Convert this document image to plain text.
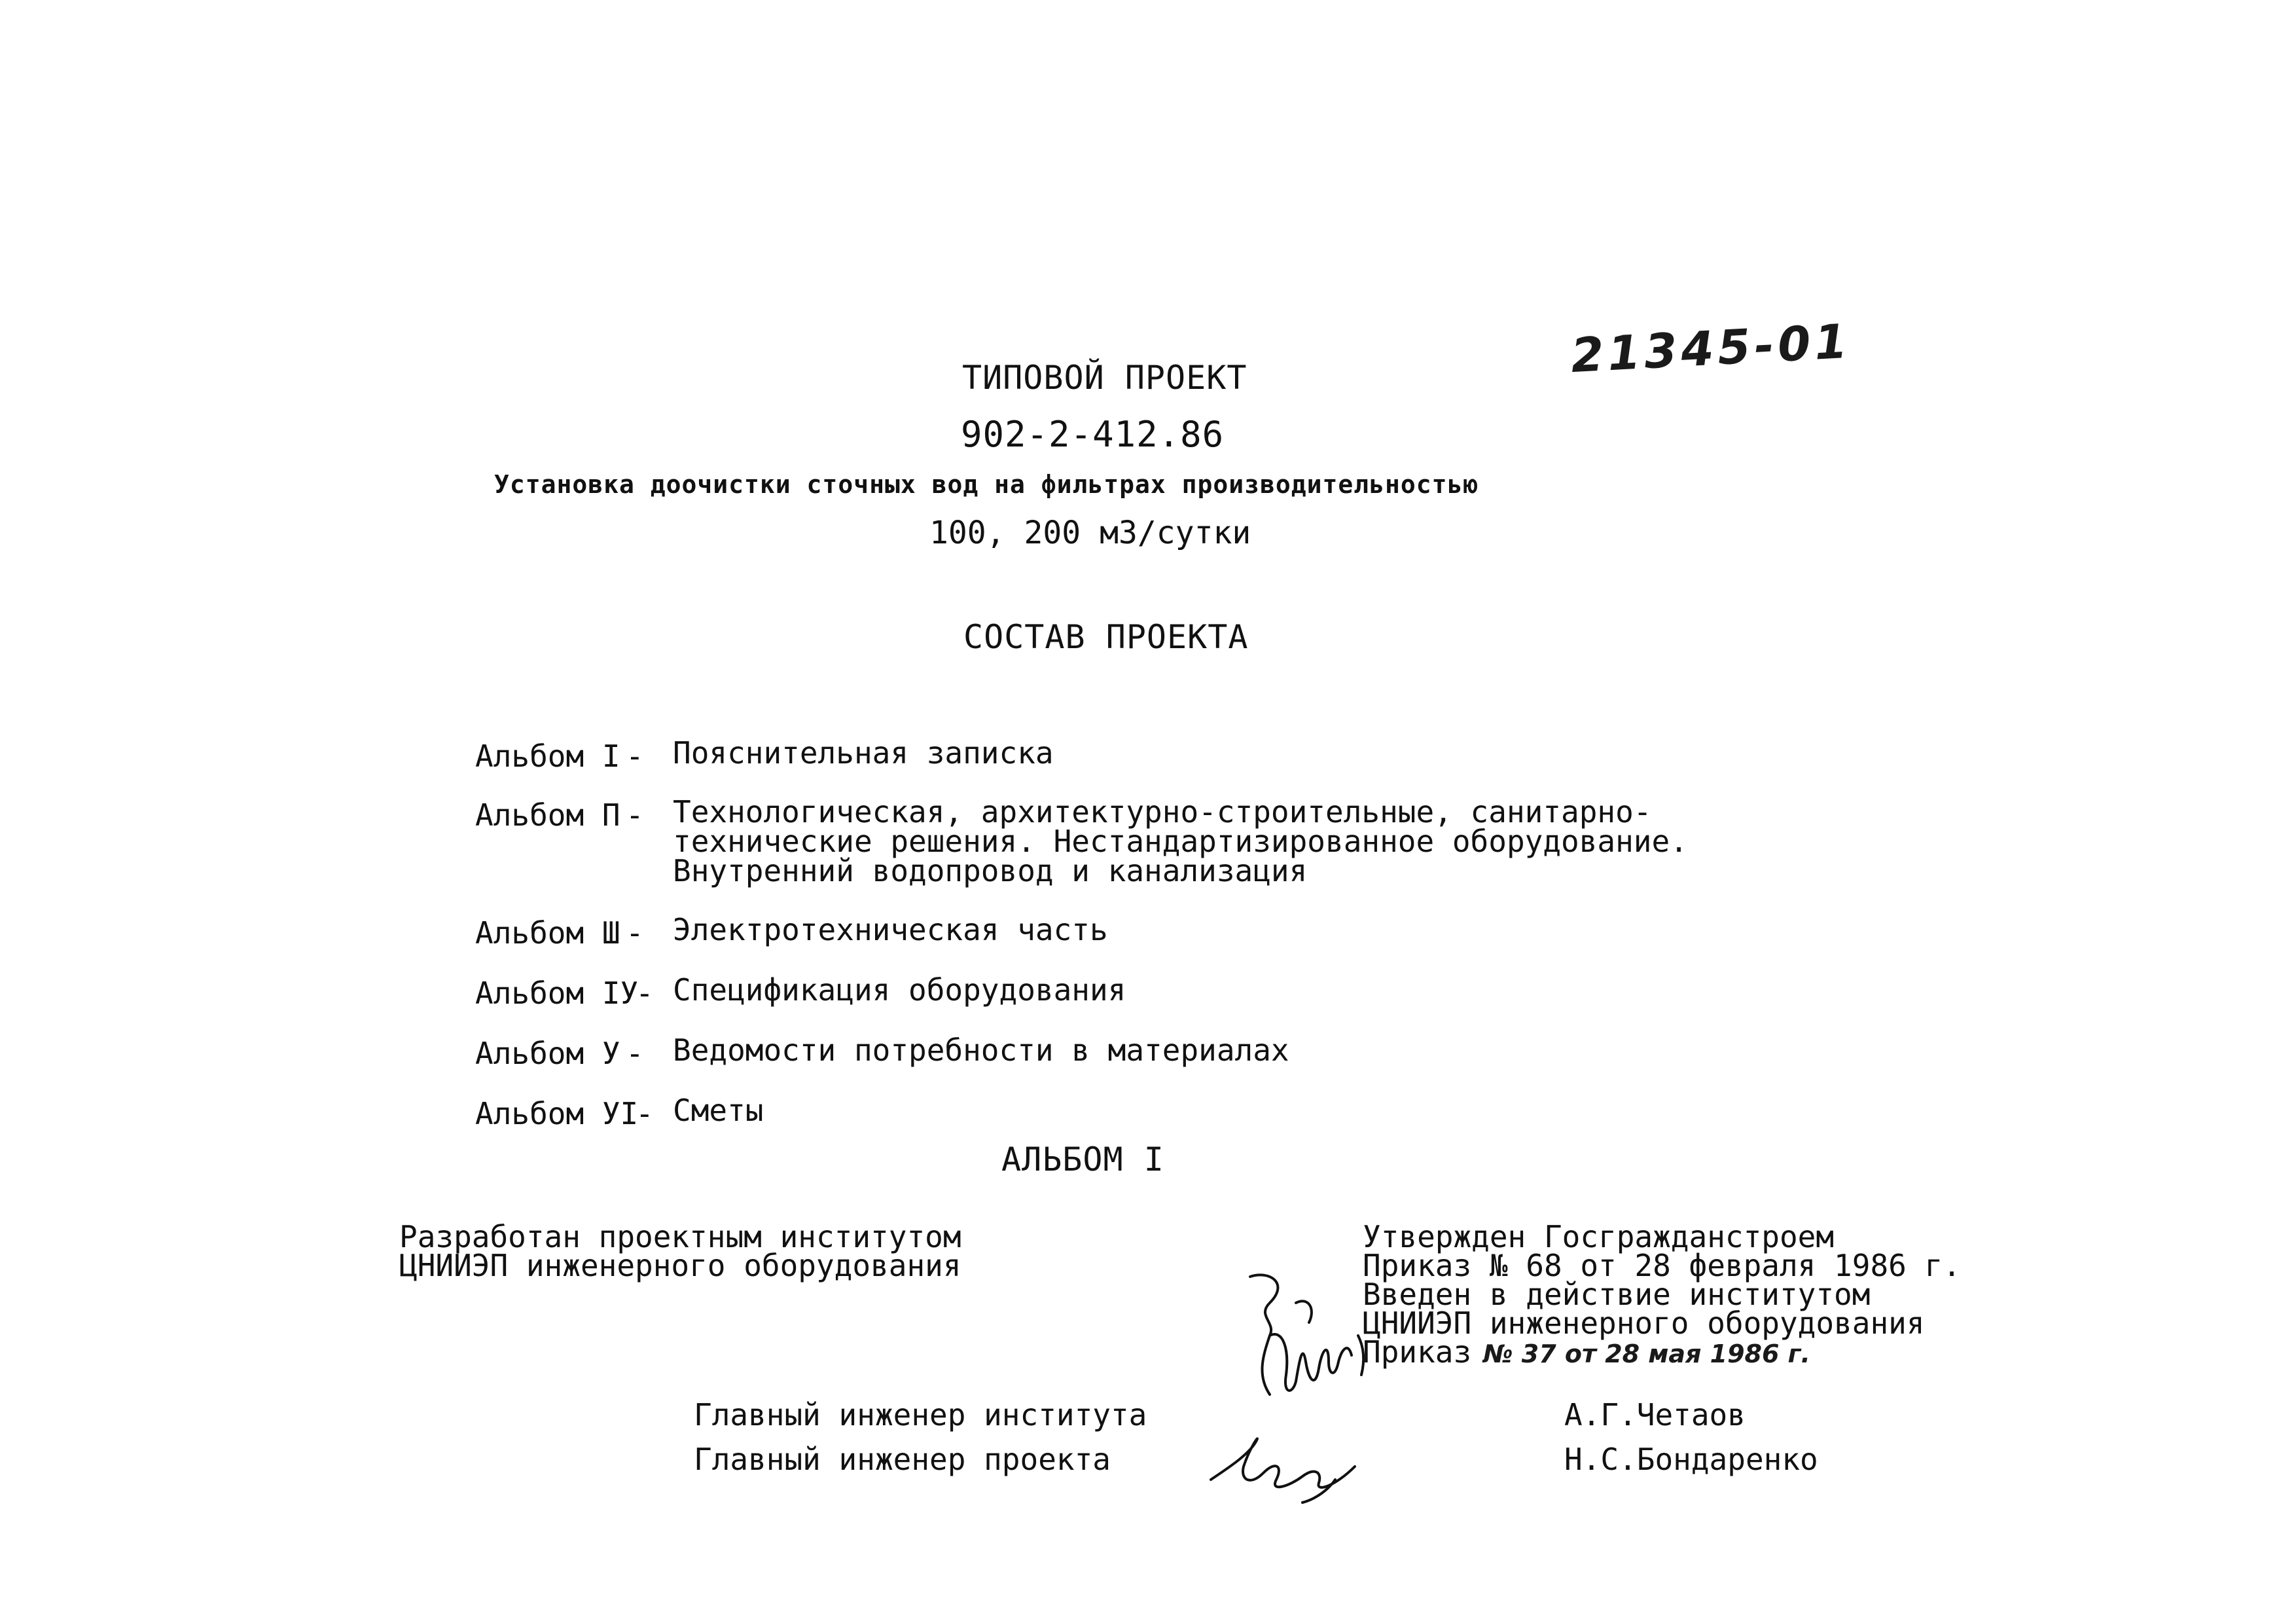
21345-01
ТИПОВОЙ ПРОЕКТ
902-2-412.86
Установка доочистки сточных вод на фильтрах производительностью
100, 200 м3/сутки
СОСТАВ ПРОЕКТА
Альбом I - Пояснительная записка
Альбом П - Технологическая, архитектурно-строительные, санитарно-
технические решения. Нестандартизированное оборудование.
Внутренний водопровод и канализация
Альбом Ш - Электротехническая часть
Альбом IУ
- Спецификация оборудования
Альбом У - Ведомости потребности в материалах
Альбом УI
- Сметы
АЛЬБОМ I
Разработан проектным институтом
ЦНИИЭП инженерного оборудования
Утвержден Госгражданстроем
Приказ № 68 от 28 февраля 1986 г.
Введен в действие институтом
ЦНИИЭП инженерного оборудования
Приказ № 37 от 28 мая 1986 г.
Главный инженер института	А.Г.Четаов
Главный инженер проекта	Н.С.Бондаренко
